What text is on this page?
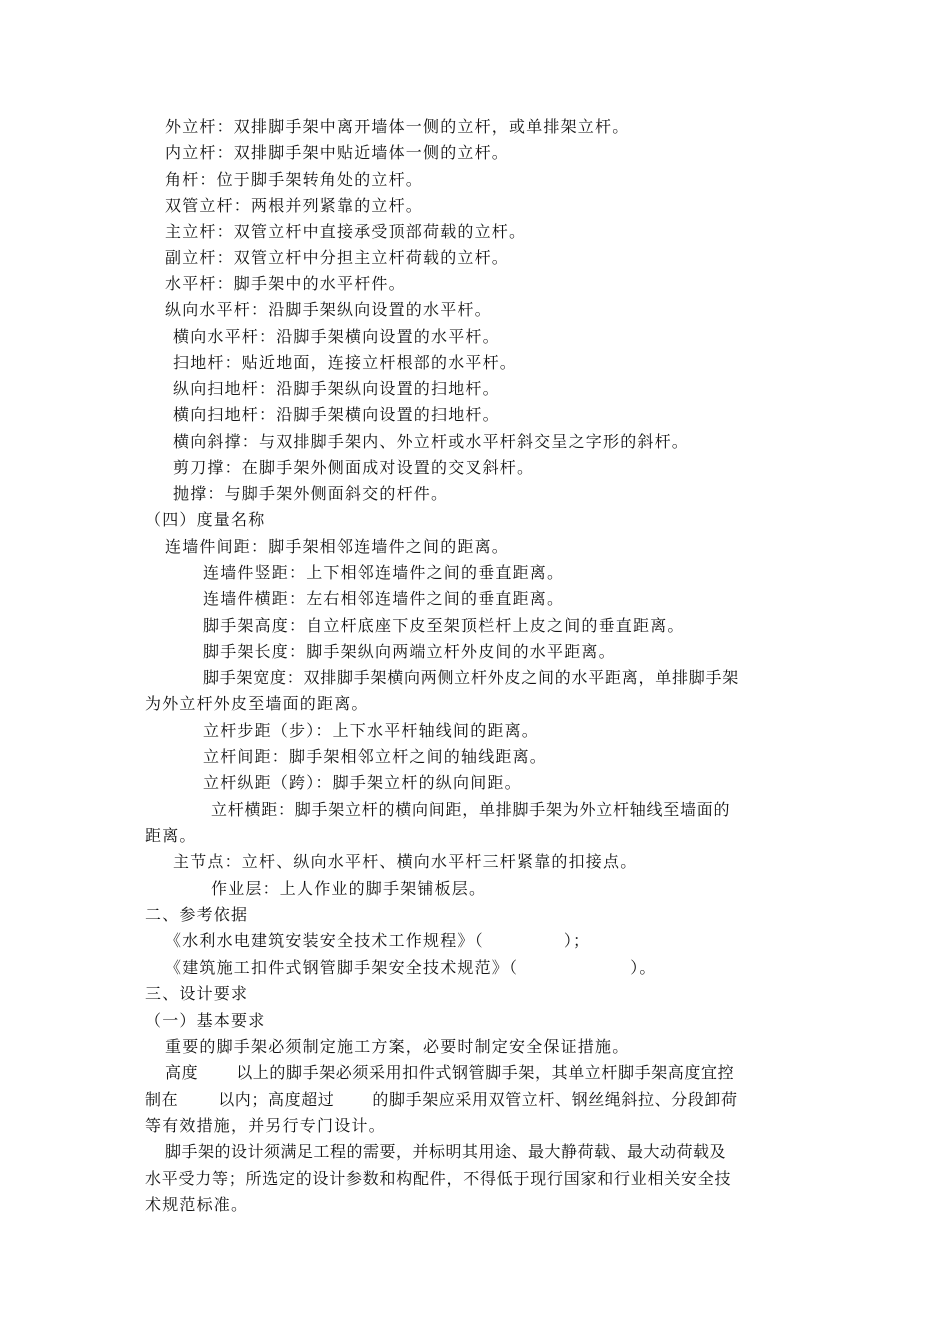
外立杆：双排脚手架中离开墙体一侧的立杆，或单排架立杆。
内立杆：双排脚手架中贴近墙体一侧的立杆。
角杆：位于脚手架转角处的立杆。
双管立杆：两根并列紧靠的立杆。
主立杆：双管立杆中直接承受顶部荷载的立杆。
副立杆：双管立杆中分担主立杆荷载的立杆。
水平杆：脚手架中的水平杆件。
纵向水平杆：沿脚手架纵向设置的水平杆。
横向水平杆：沿脚手架横向设置的水平杆。
扫地杆：贴近地面，连接立杆根部的水平杆。
纵向扫地杆：沿脚手架纵向设置的扫地杆。
横向扫地杆：沿脚手架横向设置的扫地杆。
横向斜撑：与双排脚手架内、外立杆或水平杆斜交呈之字形的斜杆。
剪刀撑：在脚手架外侧面成对设置的交叉斜杆。
抛撑：与脚手架外侧面斜交的杆件。
（四）度量名称
连墙件间距：脚手架相邻连墙件之间的距离。
连墙件竖距：上下相邻连墙件之间的垂直距离。
连墙件横距：左右相邻连墙件之间的垂直距离。
脚手架高度：自立杆底座下皮至架顶栏杆上皮之间的垂直距离。
脚手架长度：脚手架纵向两端立杆外皮间的水平距离。
脚手架宽度：双排脚手架横向两侧立杆外皮之间的水平距离，单排脚手架
为外立杆外皮至墙面的距离。
立杆步距（步）：上下水平杆轴线间的距离。
立杆间距：脚手架相邻立杆之间的轴线距离。
立杆纵距（跨）：脚手架立杆的纵向间距。
立杆横距：脚手架立杆的横向间距，单排脚手架为外立杆轴线至墙面的
距离。
主节点：立杆、纵向水平杆、横向水平杆三杆紧靠的扣接点。
作业层：上人作业的脚手架铺板层。
二、参考依据
《水利水电建筑安装安全技术工作规程》（	）；
《建筑施工扣件式钢管脚手架安全技术规范》（	）。
三、设计要求
（一）基本要求
重要的脚手架必须制定施工方案，必要时制定安全保证措施。
高度 以上的脚手架必须采用扣件式钢管脚手架，其单立杆脚手架高度宜控
制在	以内；高度超过 的脚手架应采用双管立杆、钢丝绳斜拉、分段卸荷
等有效措施，并另行专门设计。
脚手架的设计须满足工程的需要，并标明其用途、最大静荷载、最大动荷载及
水平受力等；所选定的设计参数和构配件，不得低于现行国家和行业相关安全技
术规范标准。
